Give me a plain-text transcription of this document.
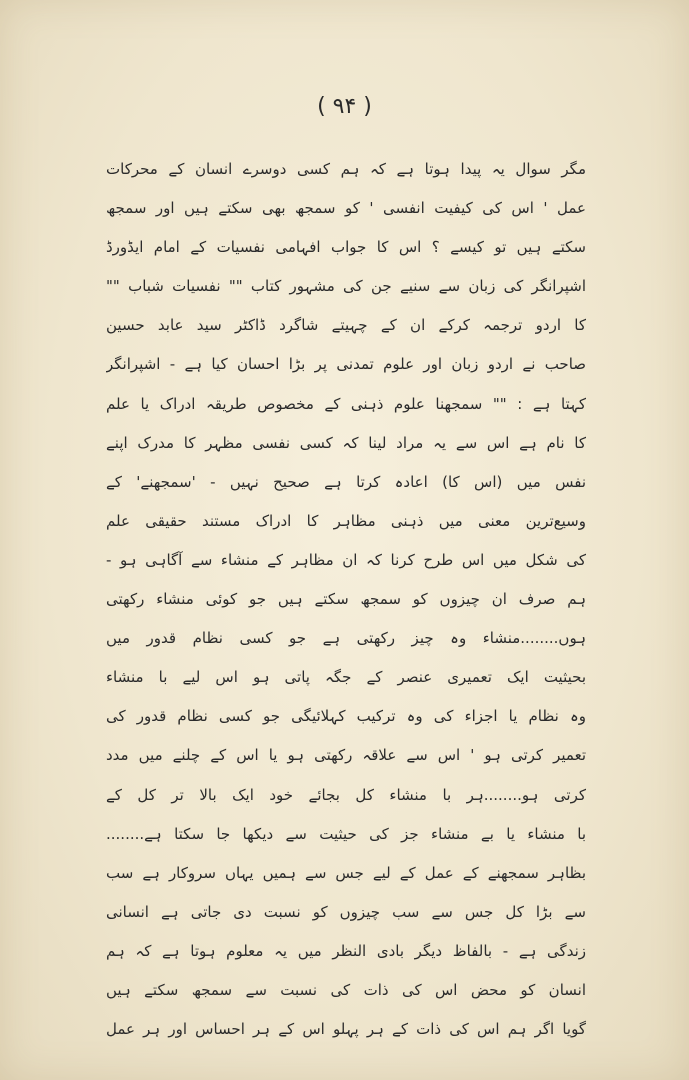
( ۹۴ )
مگر سوال یہ پیدا ہوتا ہے کہ ہم کسی دوسرے انسان کے محرکات
عمل ' اس کی کیفیت انفسی ' کو سمجھ بھی سکتے ہیں اور سمجھ
سکتے ہیں تو کیسے ؟ اس کا جواب افہامی نفسیات کے امام ایڈورڈ
اشپرانگر کی زبان سے سنیے جن کی مشہور کتاب "" نفسیات شباب ""
کا اردو ترجمہ کرکے ان کے چہیتے شاگرد ڈاکٹر سید عابد حسین
صاحب نے اردو زبان اور علوم تمدنی پر بڑا احسان کیا ہے - اشپرانگر
کہتا ہے : "" سمجھنا علوم ذہنی کے مخصوص طریقہ ادراک یا علم
کا نام ہے اس سے یہ مراد لینا کہ کسی نفسی مظہر کا مدرک اپنے
نفس میں (اس کا) اعادہ کرتا ہے صحیح نہیں - 'سمجھنے' کے
وسیع‌ترین معنی میں ذہنی مظاہر کا ادراک مستند حقیقی علم
کی شکل میں اس طرح کرنا کہ ان مظاہر کے منشاء سے آگاہی ہو -
ہم صرف ان چیزوں کو سمجھ سکتے ہیں جو کوئی منشاء رکھتی
ہوں........منشاء وہ چیز رکھتی ہے جو کسی نظام قدور میں
بحیثیت ایک تعمیری عنصر کے جگہ پاتی ہو اس لیے با منشاء
وہ نظام یا اجزاء کی وہ ترکیب کہلائیگی جو کسی نظام قدور کی
تعمیر کرتی ہو ' اس سے علاقہ رکھتی ہو یا اس کے چلنے میں مدد
کرتی ہو........ہر با منشاء کل بجائے خود ایک بالا تر کل کے
با منشاء یا بے منشاء جز کی حیثیت سے دیکھا جا سکتا ہے........
بظاہر سمجھنے کے عمل کے لیے جس سے ہمیں یہاں سروکار ہے سب
سے بڑا کل جس سے سب چیزوں کو نسبت دی جاتی ہے انسانی
زندگی ہے - بالفاظ دیگر بادی النظر میں یہ معلوم ہوتا ہے کہ ہم
انسان کو محض اس کی ذات کی نسبت سے سمجھ سکتے ہیں
گویا اگر ہم اس کی ذات کے ہر پہلو اس کے ہر احساس اور ہر عمل
